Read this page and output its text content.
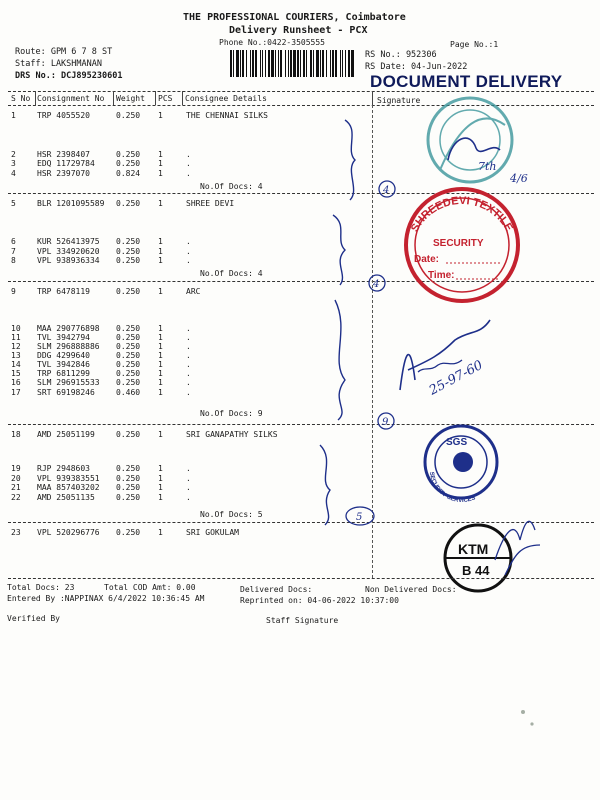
THE PROFESSIONAL COURIERS, Coimbatore
Delivery Runsheet - PCX
Phone No.:0422-3505555	Page No.:1
Route: GPM 6 7 8 ST
Staff: LAKSHMANAN
DRS No.: DCJ895230601
RS No.: 952306
RS Date: 04-Jun-2022
DOCUMENT DELIVERY
S No Consignment No Weight PCS Consignee Details	Signature
1	TRP 4055520	0.250 1	THE CHENNAI SILKS
2	HSR 2398407	0.250 1	.
3	EDQ 11729784	0.250 1	.
4	HSR 2397070	0.824 1	.
No.Of Docs: 4
5	BLR 1201095589 0.250 1	SHREE DEVI
6	KUR 526413975 0.250 1	.
7	VPL 334920620 0.250 1	.
8	VPL 938936334 0.250 1	.
No.Of Docs: 4
9	TRP 6478119	0.250 1	ARC
10 MAA 290776898 0.250 1	.
11 TVL 3942794	0.250 1	.
12 SLM 296888886 0.250 1	.
13 DDG 4299640	0.250 1	.
14 TVL 3942846	0.250 1	.
15 TRP 6811299	0.250 1	.
16 SLM 296915533 0.250 1	.
17 SRT 69198246	0.460 1	.
No.Of Docs: 9
18 AMD 25051199	0.250 1	SRI GANAPATHY SILKS
19 RJP 2948603	0.250 1	.
20 VPL 939383551 0.250 1	.
21 MAA 857403202 0.250 1	.
22 AMD 25051135	0.250 1	.
No.Of Docs: 5
23 VPL 520296776 0.250 1	SRI GOKULAM
7th
4/6
4
SHREEDEVI TEXTILE
SECURITY
Date:
Time:
4
25-97-60
9
SGS
SECURITY SERVICES
5
KTM
B 44
Total Docs: 23	Total COD Amt: 0.00	Delivered Docs:	Non Delivered Docs:
Entered By :NAPPINAX 6/4/2022 10:36:45 AM	Reprinted on: 04-06-2022 10:37:00
Verified By	Staff Signature
